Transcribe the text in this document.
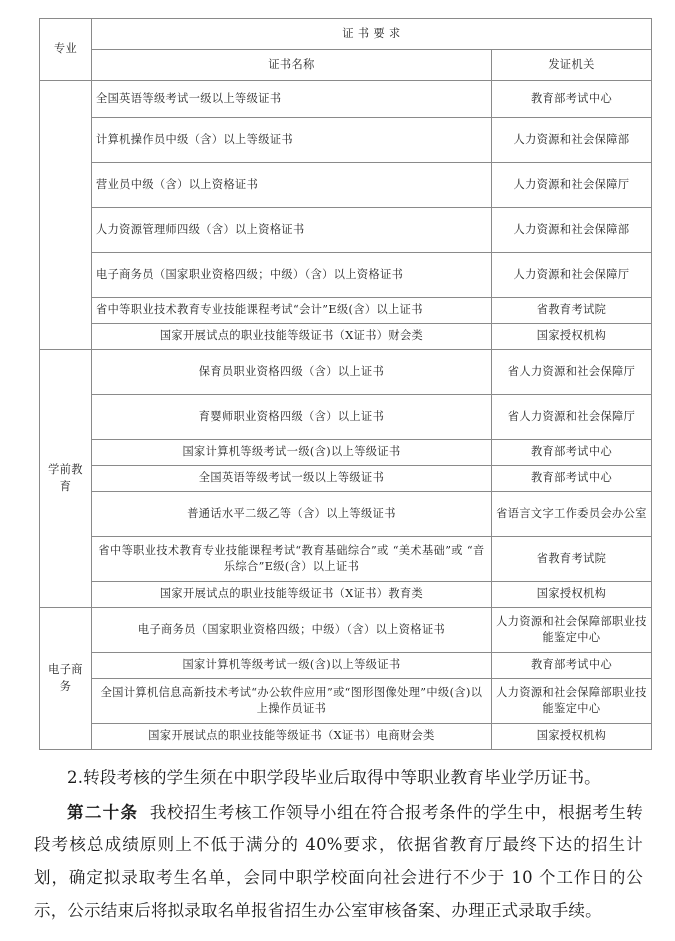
专业	证 书 要 求	
	证书名称	发证机关
	全国英语等级考试一级以上等级证书	教育部考试中心
	计算机操作员中级（含）以上等级证书	人力资源和社会保障部
	营业员中级（含）以上资格证书	人力资源和社会保障厅
	人力资源管理师四级（含）以上资格证书	人力资源和社会保障部
	电子商务员（国家职业资格四级；中级）（含）以上资格证书	人力资源和社会保障厅
	省中等职业技术教育专业技能课程考试“会计”E级(含）以上证书	省教育考试院
	国家开展试点的职业技能等级证书（X证书）财会类	国家授权机构
学前教育	保育员职业资格四级（含）以上证书	省人力资源和社会保障厅
	育婴师职业资格四级（含）以上证书	省人力资源和社会保障厅
	国家计算机等级考试一级(含)以上等级证书	教育部考试中心
	全国英语等级考试一级以上等级证书	教育部考试中心
	普通话水平二级乙等（含）以上等级证书	省语言文字工作委员会办公室
	省中等职业技术教育专业技能课程考试“教育基础综合”或 “美术基础”或 “音乐综合”E级(含）以上证书	省教育考试院
	国家开展试点的职业技能等级证书（X证书）教育类	国家授权机构
电子商务	电子商务员（国家职业资格四级；中级）（含）以上资格证书	人力资源和社会保障部职业技能鉴定中心
	国家计算机等级考试一级(含)以上等级证书	教育部考试中心
	全国计算机信息高新技术考试“办公软件应用”或“图形图像处理”中级(含)以上操作员证书	人力资源和社会保障部职业技能鉴定中心
	国家开展试点的职业技能等级证书（X证书）电商财会类	国家授权机构

2.转段考核的学生须在中职学段毕业后取得中等职业教育毕业学历证书。

第二十条 我校招生考核工作领导小组在符合报考条件的学生中，根据考生转段考核总成绩原则上不低于满分的 40%要求，依据省教育厅最终下达的招生计划，确定拟录取考生名单，会同中职学校面向社会进行不少于 10 个工作日的公示，公示结束后将拟录取名单报省招生办公室审核备案、办理正式录取手续。
